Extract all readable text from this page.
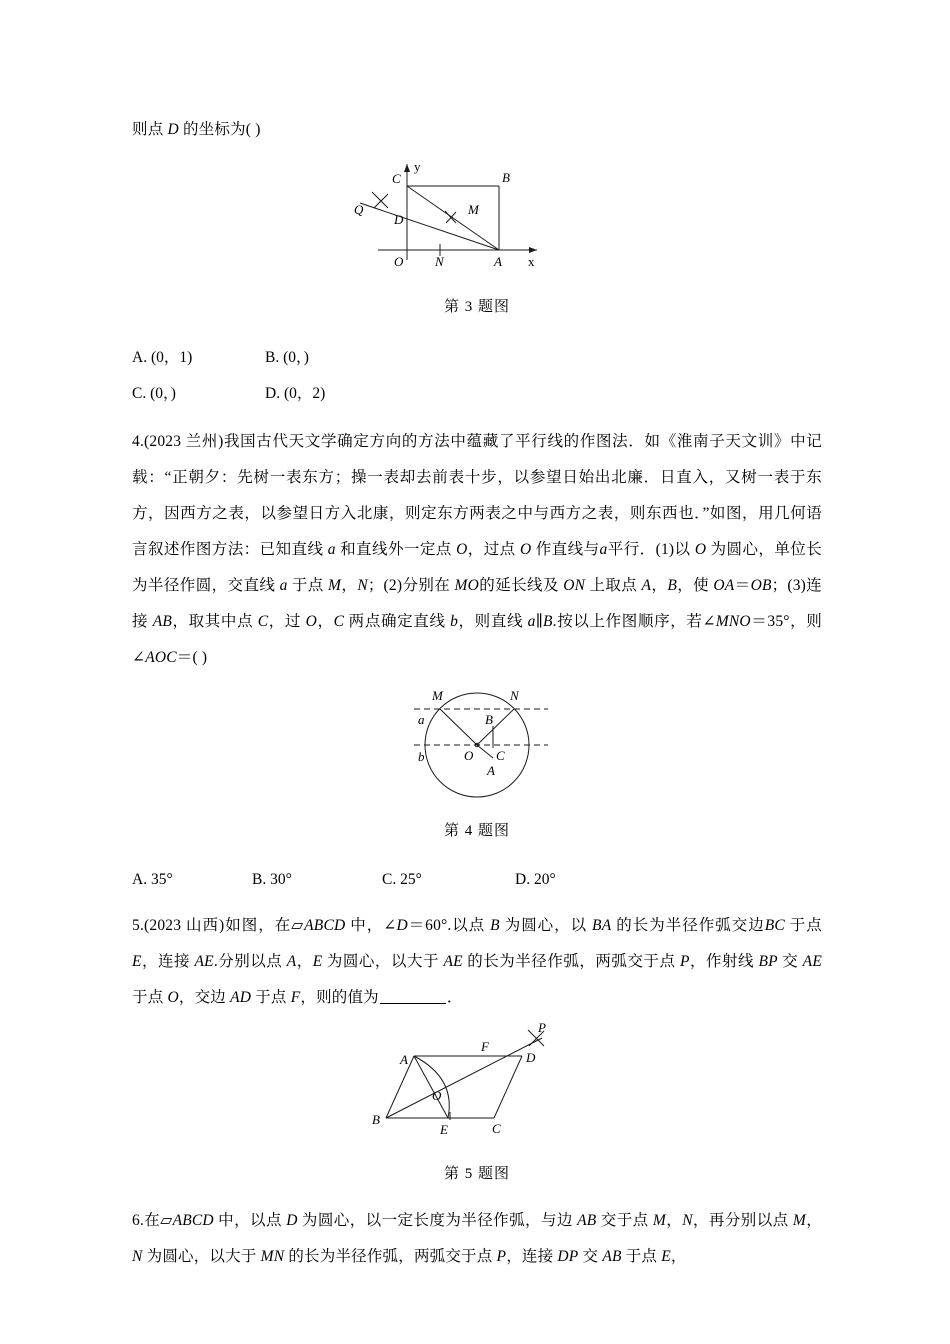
则点 D 的坐标为( )

x
y
C	B
M
Q
D
O N	A
第 3 题图
A. (0，1)	B. (0，)
C. (0，)	D. (0，2)

4.(2023 兰州)我国古代天文学确定方向的方法中蕴藏了平行线的作图法．如《淮南子天文训》中记载：“正朝夕：先树一表东方；操一表却去前表十步，以参望日始出北廉．日直入，又树一表于东方，因西方之表，以参望日方入北康，则定东方两表之中与西方之表，则东西也．”如图，用几何语言叙述作图方法：已知直线 a 和直线外一定点 O，过点 O 作直线与a平行．(1)以 O 为圆心，单位长为半径作圆，交直线 a 于点 M，N；(2)分别在 MO的延长线及 ON 上取点 A，B，使 OA＝OB；(3)连接 AB，取其中点 C，过 O，C 两点确定直线 b，则直线 a∥B.按以上作图顺序，若∠MNO＝35°，则∠AOC＝( )

M	N
a
b
B
O C
A
第 4 题图
A. 35°	B. 30°	C. 25°	D. 20°

5.(2023 山西)如图，在▱ABCD 中，∠D＝60°.以点 B 为圆心，以 BA 的长为半径作弧交边BC 于点 E，连接 AE.分别以点 A，E 为圆心，以大于 AE 的长为半径作弧，两弧交于点 P，作射线 BP 交 AE 于点 O，交边 AD 于点 F，则的值为	．

P
F
A	D
O
B
E	C
第 5 题图

6.在▱ABCD 中，以点 D 为圆心，以一定长度为半径作弧，与边 AB 交于点 M，N，再分别以点 M，N 为圆心，以大于 MN 的长为半径作弧，两弧交于点 P，连接 DP 交 AB 于点 E，
